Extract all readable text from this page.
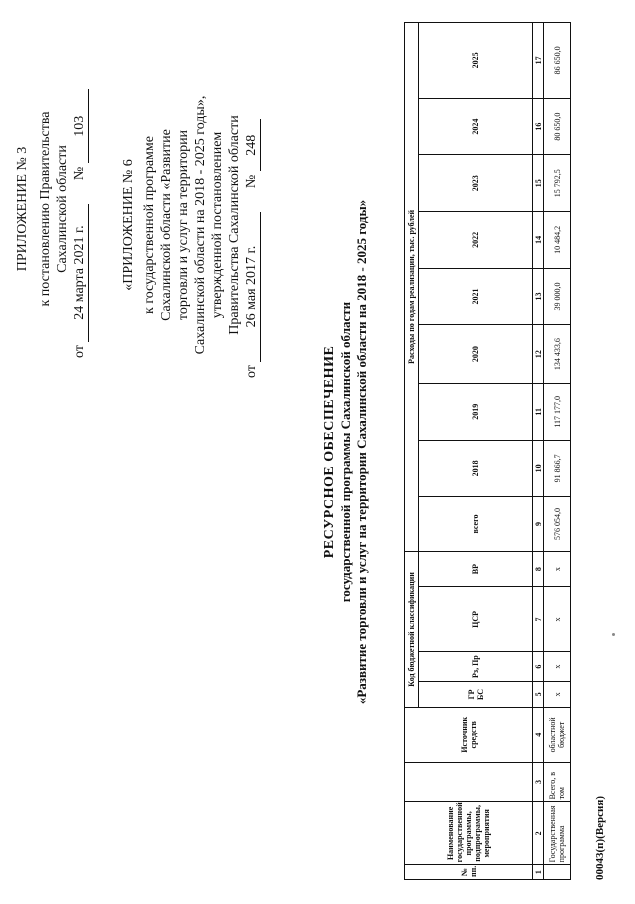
ПРИЛОЖЕНИЕ № 3 к постановлению Правительства Сахалинской области
от 24 марта 2021 г. № 103
«ПРИЛОЖЕНИЕ № 6 к государственной программе Сахалинской области «Развитие торговли и услуг на территории Сахалинской области на 2018 - 2025 годы», утвержденной постановлением Правительства Сахалинской области
от 26 мая 2017 г. № 248
РЕСУРСНОЕ ОБЕСПЕЧЕНИЕ государственной программы Сахалинской области «Развитие торговли и услуг на территории Сахалинской области на 2018 - 2025 годы»
№ пп.	Наименование государственной программы, подпрограммы, мероприятия		Источник средств	Код бюджетной классификации				Расходы по годам реализации, тыс. рублей								
				ГР БС	Рз, Пр	ЦСР	ВР	всего	2018	2019	2020	2021	2022	2023	2024	2025
1	2	3	4	5	6	7	8	9	10	11	12	13	14	15	16	17
	Государственная программа	Всего, в том	областной бюджет	х	х	х	х	576 054,0	91 866,7	117 177,0	134 433,6	39 000,0	10 484,2	15 792,5	80 650,0	86 650,0
00043(п)(Версия)
